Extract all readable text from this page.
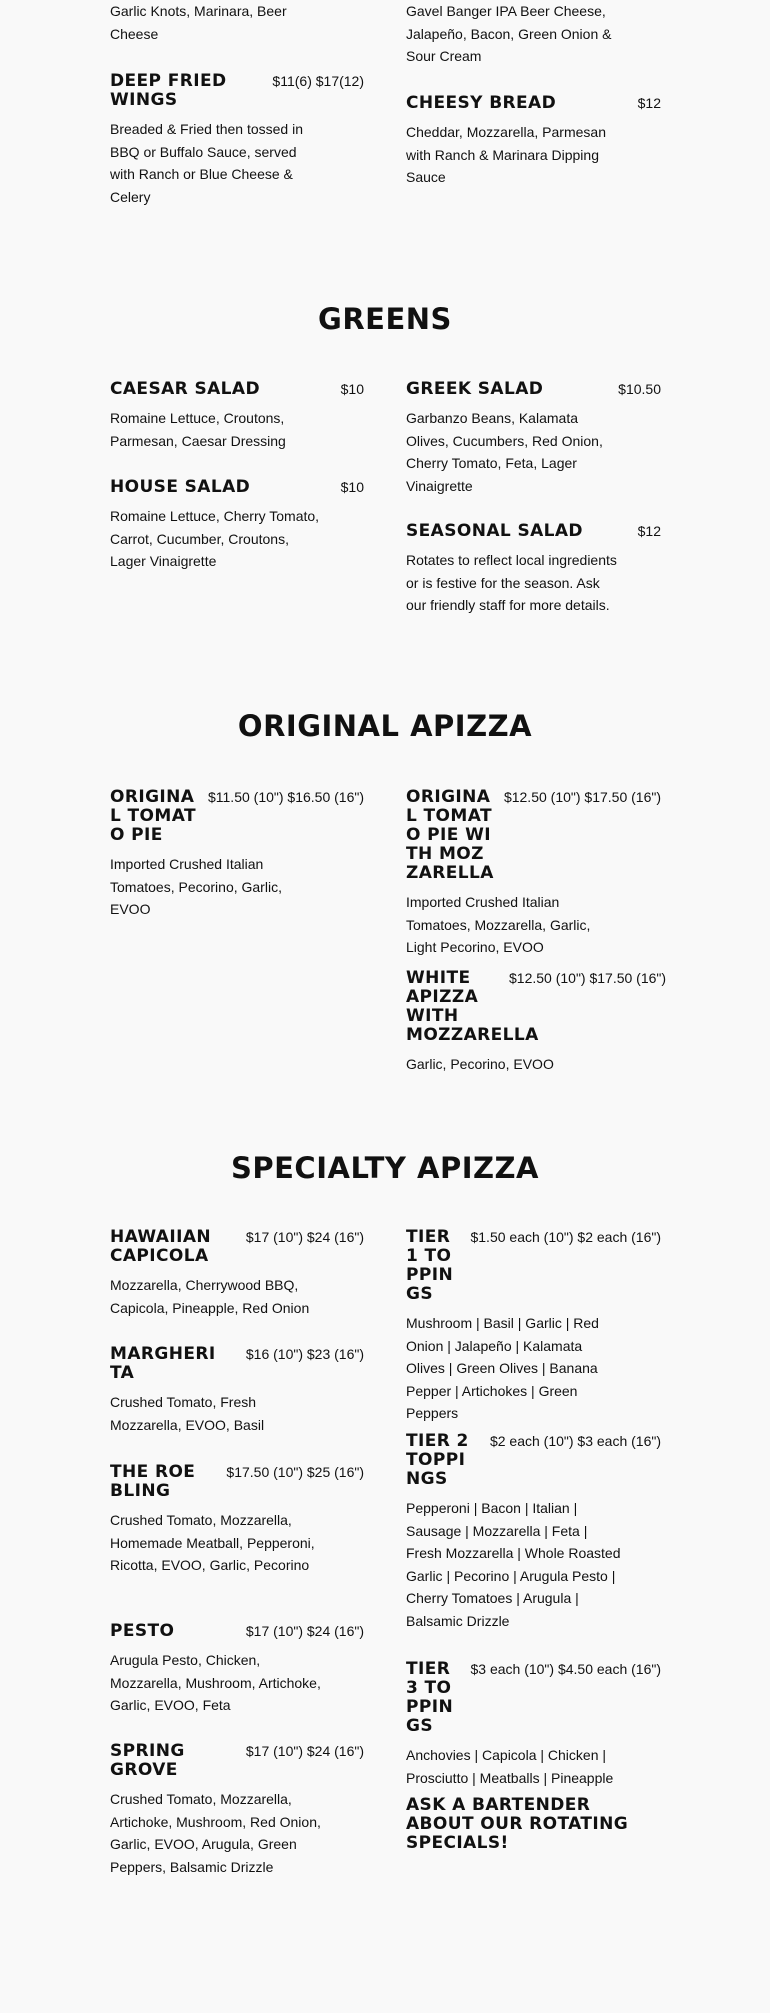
Garlic Knots, Marinara, Beer Cheese
DEEP FRIED WINGS
$11(6) $17(12)
Breaded & Fried then tossed in BBQ or Buffalo Sauce, served with Ranch or Blue Cheese & Celery
Gavel Banger IPA Beer Cheese, Jalapeño, Bacon, Green Onion & Sour Cream
CHEESY BREAD	$12
Cheddar, Mozzarella, Parmesan with Ranch & Marinara Dipping Sauce
GREENS
CAESAR SALAD	$10
Romaine Lettuce, Croutons, Parmesan, Caesar Dressing
HOUSE SALAD	$10
Romaine Lettuce, Cherry Tomato, Carrot, Cucumber, Croutons, Lager Vinaigrette
GREEK SALAD	$10.50
Garbanzo Beans, Kalamata Olives, Cucumbers, Red Onion, Cherry Tomato, Feta, Lager Vinaigrette
SEASONAL SALAD	$12
Rotates to reflect local ingredients or is festive for the season. Ask our friendly staff for more details.
ORIGINAL APIZZA
ORIGINAL TOMATO PIE
$11.50 (10") $16.50 (16")
Imported Crushed Italian Tomatoes, Pecorino, Garlic, EVOO
ORIGINAL TOMATO PIE WITH MOZZARELLA
$12.50 (10") $17.50 (16")
Imported Crushed Italian Tomatoes, Mozzarella, Garlic, Light Pecorino, EVOO
WHITE APIZZA WITH MOZZARELLA
$12.50 (10") $17.50 (16")
Garlic, Pecorino, EVOO
SPECIALTY APIZZA
HAWAIIAN CAPICOLA
$17 (10") $24 (16")
Mozzarella, Cherrywood BBQ, Capicola, Pineapple, Red Onion
MARGHERITA
$16 (10") $23 (16")
Crushed Tomato, Fresh Mozzarella, EVOO, Basil
THE ROEBLING
$17.50 (10") $25 (16")
Crushed Tomato, Mozzarella, Homemade Meatball, Pepperoni, Ricotta, EVOO, Garlic, Pecorino
PESTO	$17 (10") $24 (16")
Arugula Pesto, Chicken, Mozzarella, Mushroom, Artichoke, Garlic, EVOO, Feta
SPRING GROVE
$17 (10") $24 (16")
Crushed Tomato, Mozzarella, Artichoke, Mushroom, Red Onion, Garlic, EVOO, Arugula, Green Peppers, Balsamic Drizzle
TIER 1 TOPPINGS
$1.50 each (10") $2 each (16")
Mushroom | Basil | Garlic | Red Onion | Jalapeño | Kalamata Olives | Green Olives | Banana Pepper | Artichokes | Green Peppers
TIER 2 TOPPINGS
$2 each (10") $3 each (16")
Pepperoni | Bacon | Italian | Sausage | Mozzarella | Feta | Fresh Mozzarella | Whole Roasted Garlic | Pecorino | Arugula Pesto | Cherry Tomatoes | Arugula | Balsamic Drizzle
TIER 3 TOPPINGS
$3 each (10") $4.50 each (16")
Anchovies | Capicola | Chicken | Prosciutto | Meatballs | Pineapple
ASK A BARTENDER ABOUT OUR ROTATING SPECIALS!
